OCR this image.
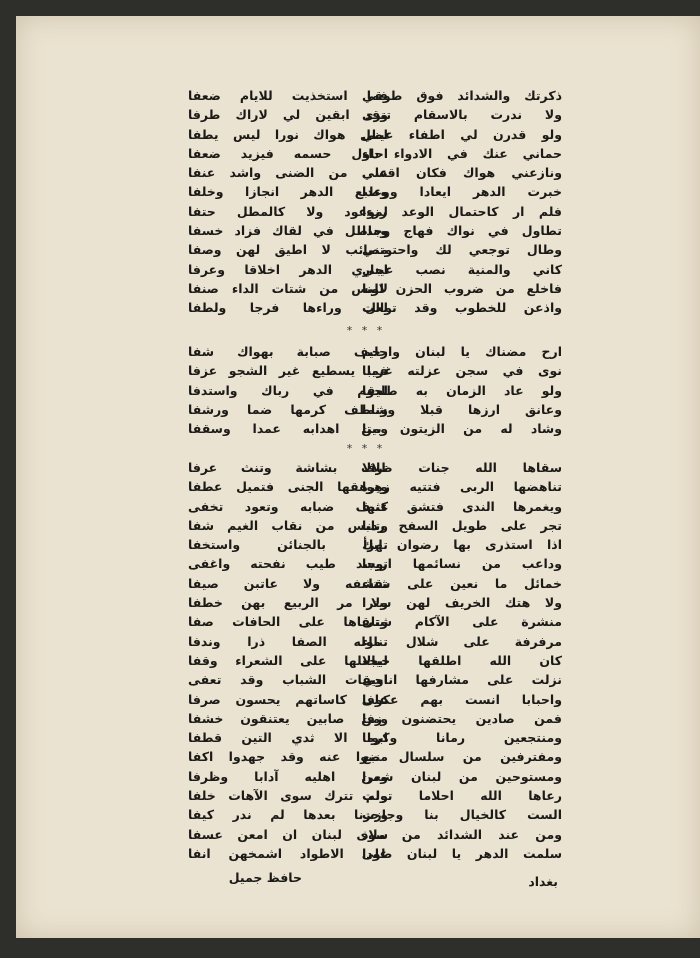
ذكرتك والشدائد فوق طوقي
ولا ندرت بالاسقام تترى
ولو قدرن لي اطفاء عيني
حماني عنك في الادواء داء
ونازعني هواك فكان اقسى
خبرت الدهر ايعادا ووعدا
فلم ار كاحتمال الوعد رزءا
تطاول في نواك فهاج وجدا
وطال توجعي لك واحتوتني
كاني والمنية نصب عيني
فاخلع من ضروب الحزن لونا
واذعن للخطوب وقد توالت
فما استخذيت للايام ضعفا
وقد ابقين لي لاراك طرفا
لظل هواك نورا ليس يطفا
احاول حسمه فيزيد ضعفا
علي من الضنى واشد عنفا
وطبع الدهر انجازا وخلفا
لموعود ولا كالمطل حتفا
وماطل في لقاك فزاد خسفا
مصائب لا اطيق لهن وصفا
اجاري الدهر اخلاقا وعرفا
لالبس من شتات الداء صنفا
لعل وراءها فرجا ولطفا
* * *
ارح مضناك يا لبنان وارحم
نوى في سجن عزلته غريبا
ولو عاد الزمان به طليقا
وعانق ارزها قبلا وشما
وشاد له من الزيتون بيتا
حليف صبابة بهواك شفا
فما يسطيع غير الشجو عزفا
لحوم في رباك واستدفا
وناطف كرمها ضما ورشفا
ومن اهدابه عمدا وسقفا
* * *
سقاها الله جنات ظلالا
تناهضها الربى فتتيه زهوا
ويغمرها الندى فتشق عنها
تجر على طويل السفح ردنا
اذا استذرى بها رضوان ايك
وداعب من نسائمها اريجا
خمائل ما نعين على شتاء
ولا هتك الخريف لهن سترا
منشرة على الآكام شتى
مرفرفة على شلال ماء
كان الله اطلقها خيالا
نزلت على مشارفها اناجي
واحبابا انست بهم عكوفا
فمن صادين يحتضنون زفا
ومنتجعين رمانا وكرما
ومفترفين من سلسال نبع
ومستوحين من لبنان شعرا
رعاها الله احلاما تولت
الست كالخيال بنا وجازت
ومن عند الشدائد من ملاذ
سلمت الدهر يا لبنان طودا
ترف بشاشة وتنث عرفا
ويرهقها الجنى فتميل عطفا
كثيف ضبابه وتعود تخفى
وتلبس من نقاب الغيم شفا
تهزأ بالجنائن واستخفا
توسد طيب نفحته واغفى
تقشفه ولا عاتبن صيفا
ولا مر الربيع بهن خطفا
وتلقاها على الحافات صفا
تناوله الصفا ذرا وندفا
ليجعلها على الشعراء وقفا
اويقات الشباب وقد تعفى
على كاساتهم يحسون صرفا
ومن صابين يعتنقون خشفا
ابوا الا ثدي التين قطفا
مضوا عنه وقد جهدوا اكفا
ومن اهليه آدابا وظرفا
ولم تترك سوى الآهات خلفا
وجزنا بعدها لم ندر كيفا
سوى لبنان ان امعن عسفا
على الاطواد اشمخهن انفا
حافظ جميل	بغداد
